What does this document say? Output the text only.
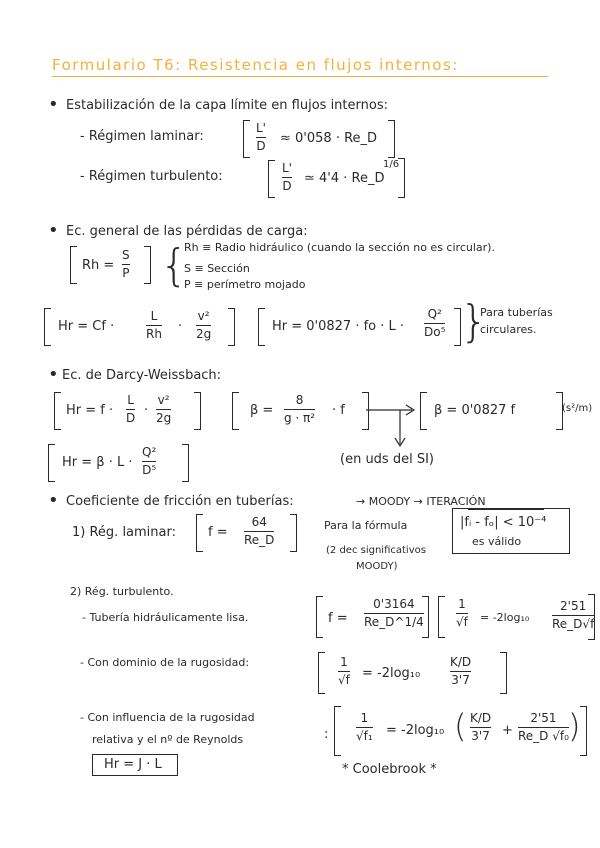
Formulario T6: Resistencia en flujos internos:
• Estabilización de la capa límite en flujos internos:
- Régimen laminar:
L'
D
≈ 0'058 · Re_D
- Régimen turbulento:
L'
D
≃ 4'4 · Re_D
1/6
• Ec. general de las pérdidas de carga:
Rh =
S
P {
Rh ≡ Radio hidráulico (cuando la sección no es circular).
S ≡ Sección
P ≡ perímetro mojado
Hr = Cf ·
L
Rh
·
v²
2g
Hr = 0'0827 · fo · L ·
Q²
Do⁵ }
Para tuberías
circulares.
• Ec. de Darcy-Weissbach:
Hr = f ·
L
D
·
v²
2g
β =
8
g · π²
· f	β = 0'0827 f	(s²/m)
Hr = β · L ·
Q²
D⁵
(en uds del SI)
• Coeficiente de fricción en tuberías:	→ MOODY → ITERACIÓN
1) Rég. laminar: f =
64
Re_D
Para la fórmula
(2 dec significativos
MOODY)
|fᵢ - fₒ| < 10⁻⁴
es válido
2) Rég. turbulento.
- Tubería hidráulicamente lisa.	f =
0'3164
Re_D^1/4
1
√f = -2log₁₀
2'51
Re_D√f
- Con dominio de la rugosidad:	1
√f = -2log₁₀
K/D
3'7
- Con influencia de la rugosidad
relativa y el nº de Reynolds	:
1
√f₁ = -2log₁₀ ( K/D
3'7 +
2'51
Re_D √f₀ )
Hr = J · L	* Coolebrook *
